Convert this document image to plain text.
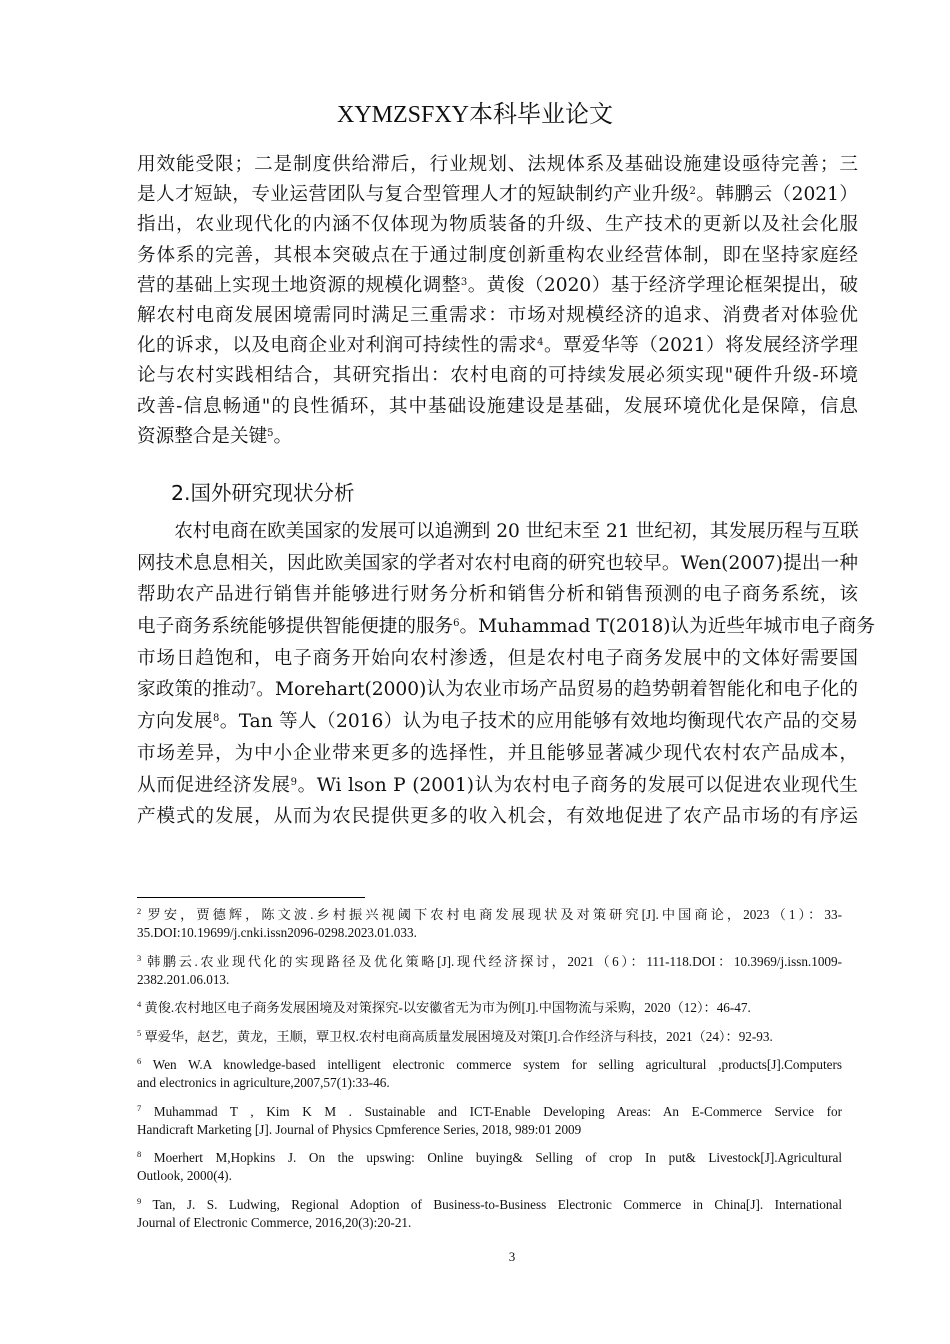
XYMZSFXY本科毕业论文
用效能受限；二是制度供给滞后，行业规划、法规体系及基础设施建设亟待完善；三
是人才短缺，专业运营团队与复合型管理人才的短缺制约产业升级$^2$。韩鹏云（2021）
指出，农业现代化的内涵不仅体现为物质装备的升级、生产技术的更新以及社会化服
务体系的完善，其根本突破点在于通过制度创新重构农业经营体制，即在坚持家庭经
营的基础上实现土地资源的规模化调整$^3$。黄俊（2020）基于经济学理论框架提出，破
解农村电商发展困境需同时满足三重需求：市场对规模经济的追求、消费者对体验优
化的诉求，以及电商企业对利润可持续性的需求$^4$。覃爱华等（2021）将发展经济学理
论与农村实践相结合，其研究指出：农村电商的可持续发展必须实现"硬件升级-环境
改善-信息畅通"的良性循环，其中基础设施建设是基础，发展环境优化是保障，信息
资源整合是关键$^5$。
2.国外研究现状分析
　　农村电商在欧美国家的发展可以追溯到 20 世纪末至 21 世纪初，其发展历程与互联
网技术息息相关，因此欧美国家的学者对农村电商的研究也较早。Wen(2007)提出一种
帮助农产品进行销售并能够进行财务分析和销售分析和销售预测的电子商务系统，该
电子商务系统能够提供智能便捷的服务$^6$。Muhammad T(2018)认为近些年城市电子商务
市场日趋饱和，电子商务开始向农村渗透，但是农村电子商务发展中的文体好需要国
家政策的推动$^7$。Morehart(2000)认为农业市场产品贸易的趋势朝着智能化和电子化的
方向发展$^8$。Tan 等人（2016）认为电子技术的应用能够有效地均衡现代农产品的交易
市场差异，为中小企业带来更多的选择性，并且能够显著减少现代农村农产品成本，
从而促进经济发展$^9$。Wi lson P (2001)认为农村电子商务的发展可以促进农业现代生
产模式的发展，从而为农民提供更多的收入机会，有效地促进了农产品市场的有序运
$^2$ 罗安，贾德辉，陈文波.乡村振兴视阈下农村电商发展现状及对策研究[J].中国商论，2023（1）：33-
35.DOI:10.19699/j.cnki.issn2096-0298.2023.01.033.
$^3$ 韩鹏云.农业现代化的实现路径及优化策略[J].现代经济探讨，2021（6）：111-118.DOI：10.3969/j.issn.1009-
2382.201.06.013.
$^4$ 黄俊.农村地区电子商务发展困境及对策探究-以安徽省无为市为例[J].中国物流与采购，2020（12）：46-47.
$^5$ 覃爱华，赵艺，黄龙，王顺，覃卫权.农村电商高质量发展困境及对策[J].合作经济与科技，2021（24）：92-93.
$^6$ Wen W.A knowledge-based intelligent electronic commerce system for selling agricultural ,products[J].Computers
and electronics in agriculture,2007,57(1):33-46.
$^7$ Muhammad T , Kim K M . Sustainable and ICT-Enable Developing Areas: An E-Commerce Service for
Handicraft Marketing [J]. Journal of Physics Cpmference Series, 2018, 989:01 2009
$^8$ Moerhert M,Hopkins J. On the upswing: Online buying& Selling of crop In put& Livestock[J].Agricultural
Outlook, 2000(4).
$^9$ Tan, J. S. Ludwing, Regional Adoption of Business-to-Business Electronic Commerce in China[J]. International
Journal of Electronic Commerce, 2016,20(3):20-21.
3
